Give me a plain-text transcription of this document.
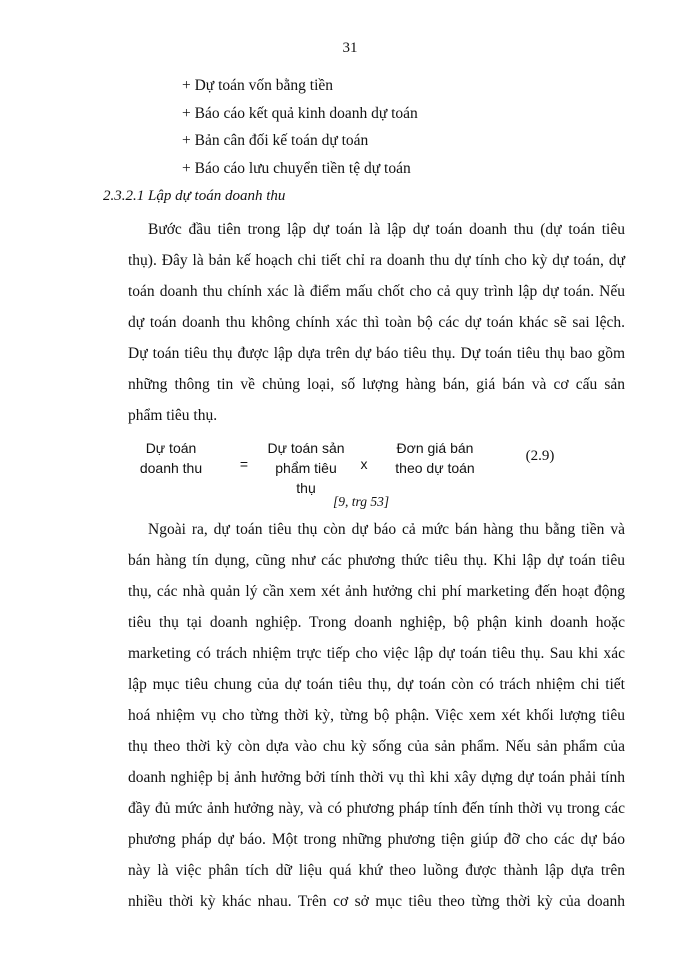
31
+ Dự toán vốn bằng tiền
+ Báo cáo kết quả kinh doanh dự toán
+ Bản cân đối kế toán dự toán
+ Báo cáo lưu chuyển tiền tệ dự toán
2.3.2.1 Lập dự toán doanh thu
Bước đầu tiên trong lập dự toán là lập dự toán doanh thu (dự toán tiêu
thụ). Đây là bản kế hoạch chi tiết chỉ ra doanh thu dự tính cho kỳ dự toán, dự
toán doanh thu chính xác là điểm mấu chốt cho cả quy trình lập dự toán. Nếu
dự toán doanh thu không chính xác thì toàn bộ các dự toán khác sẽ sai lệch.
Dự toán tiêu thụ được lập dựa trên dự báo tiêu thụ. Dự toán tiêu thụ bao gồm
những thông tin về chủng loại, số lượng hàng bán, giá bán và cơ cấu sản
phẩm tiêu thụ.
Dự toán
doanh thu	=
Dự toán sản
phẩm tiêu
thụ
x
Đơn giá bán
theo dự toán
(2.9)
[9, trg 53]
Ngoài ra, dự toán tiêu thụ còn dự báo cả mức bán hàng thu bằng tiền và
bán hàng tín dụng, cũng như các phương thức tiêu thụ. Khi lập dự toán tiêu
thụ, các nhà quản lý cần xem xét ảnh hưởng chi phí marketing đến hoạt động
tiêu thụ tại doanh nghiệp. Trong doanh nghiệp, bộ phận kinh doanh hoặc
marketing có trách nhiệm trực tiếp cho việc lập dự toán tiêu thụ. Sau khi xác
lập mục tiêu chung của dự toán tiêu thụ, dự toán còn có trách nhiệm chi tiết
hoá nhiệm vụ cho từng thời kỳ, từng bộ phận. Việc xem xét khối lượng tiêu
thụ theo thời kỳ còn dựa vào chu kỳ sống của sản phẩm. Nếu sản phẩm của
doanh nghiệp bị ảnh hưởng bởi tính thời vụ thì khi xây dựng dự toán phải tính
đầy đủ mức ảnh hưởng này, và có phương pháp tính đến tính thời vụ trong các
phương pháp dự báo. Một trong những phương tiện giúp đỡ cho các dự báo
này là việc phân tích dữ liệu quá khứ theo luồng được thành lập dựa trên
nhiều thời kỳ khác nhau. Trên cơ sở mục tiêu theo từng thời kỳ của doanh
